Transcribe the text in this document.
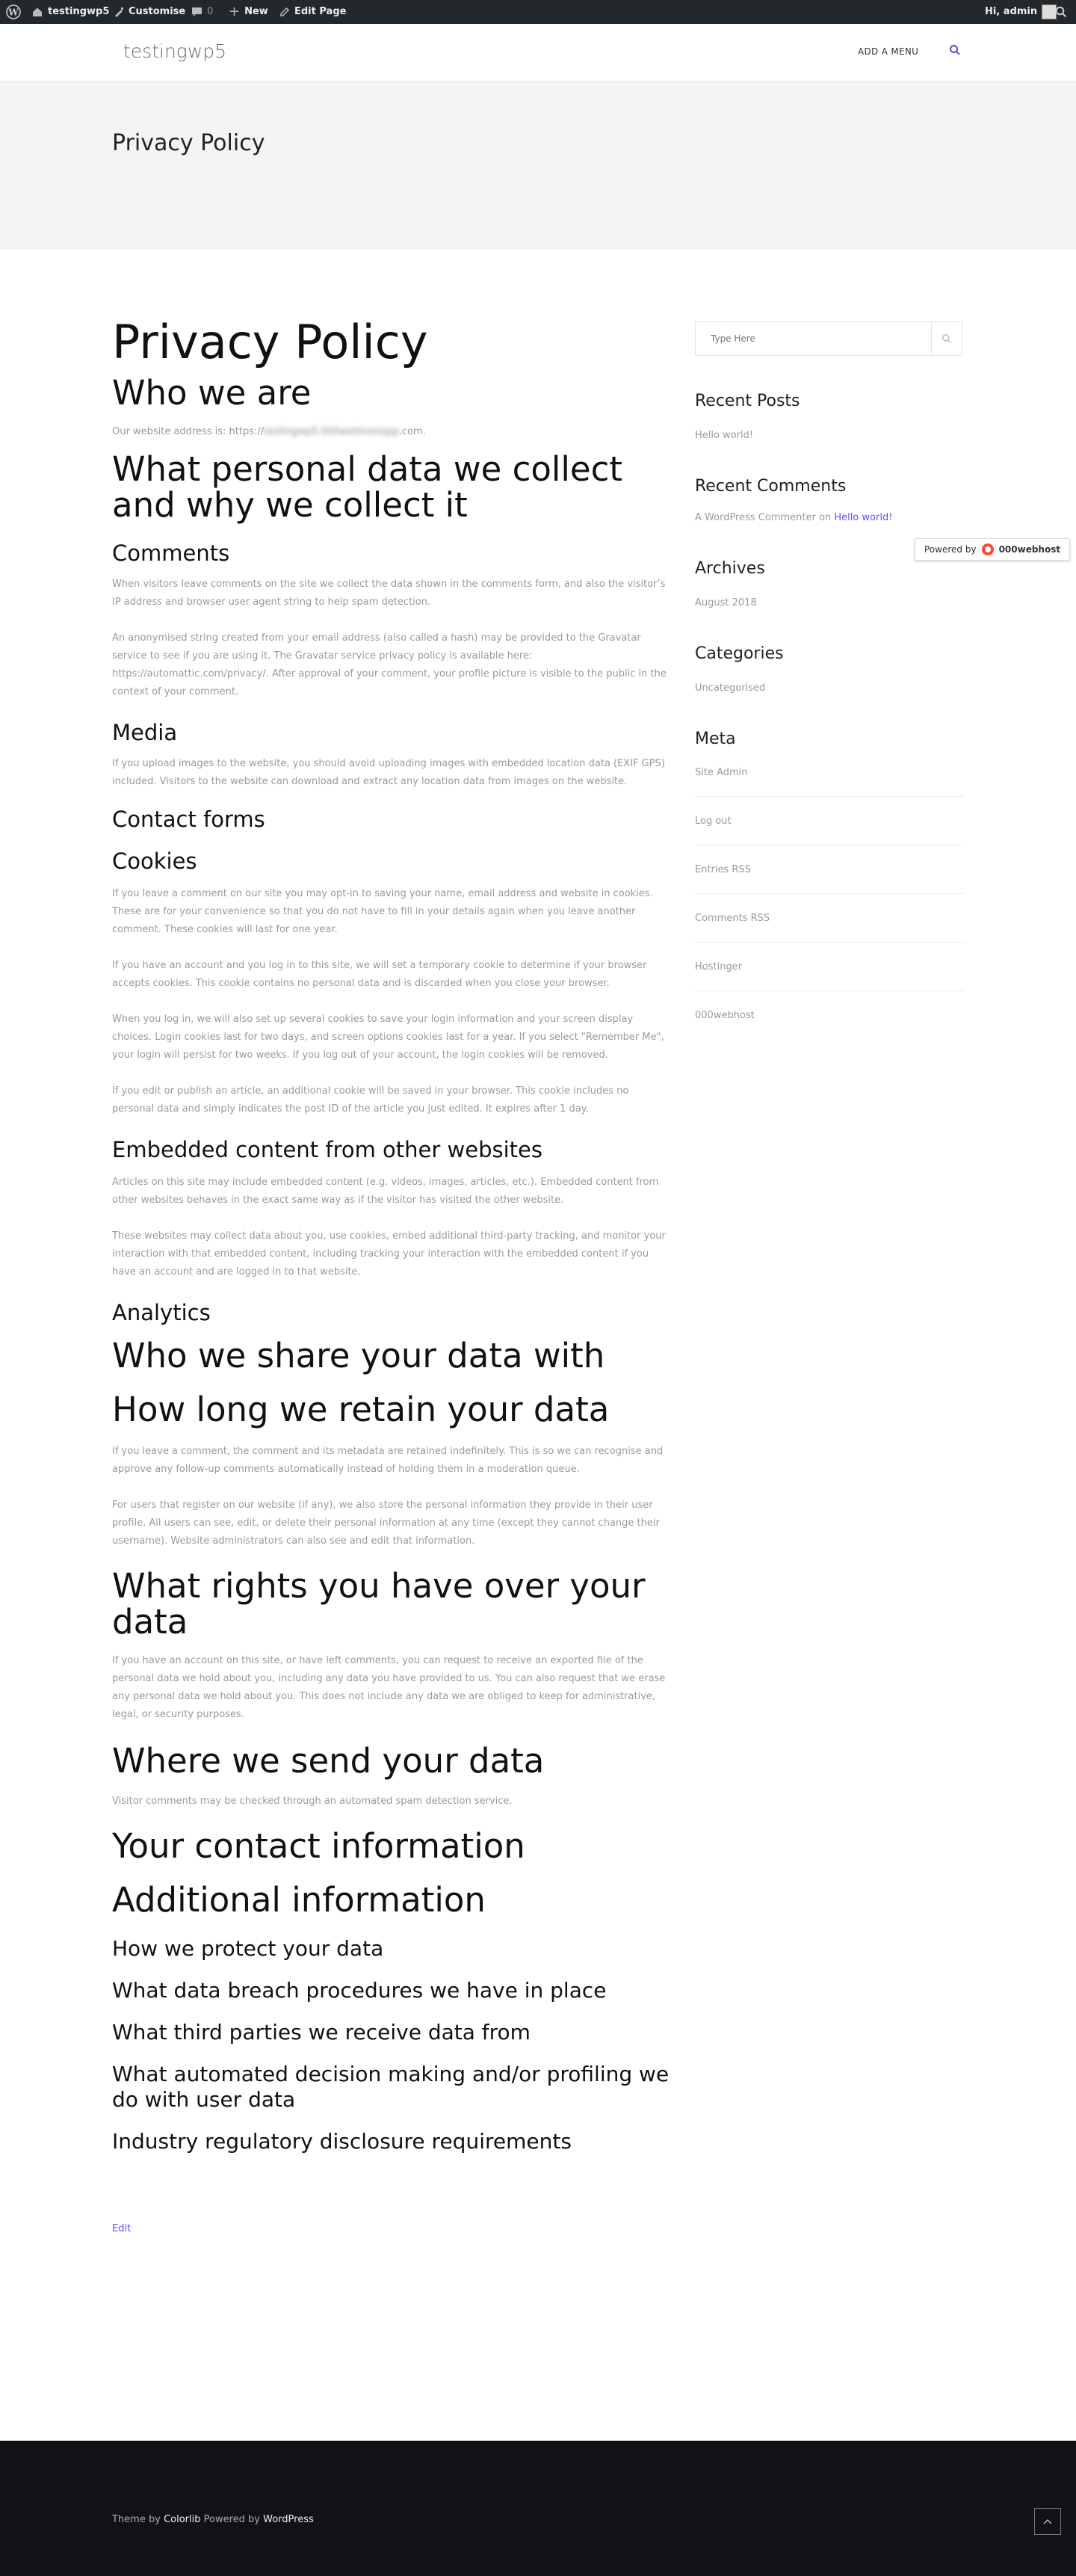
W	testingwp5 Customise 0 + New	Edit Page	Hi, admin
testingwp5	ADD A MENU
Privacy Policy
Privacy Policy
Who we are

Our website address is: https://testingwp5.000webhostapp.com.

What personal data we collect and why we collect it
Comments

When visitors leave comments on the site we collect the data shown in the comments form, and also the visitor’s IP address and browser user agent string to help spam detection.

An anonymised string created from your email address (also called a hash) may be provided to the Gravatar service to see if you are using it. The Gravatar service privacy policy is available here: https://automattic.com/privacy/. After approval of your comment, your profile picture is visible to the public in the context of your comment.

Media

If you upload images to the website, you should avoid uploading images with embedded location data (EXIF GPS) included. Visitors to the website can download and extract any location data from images on the website.

Contact forms
Cookies

If you leave a comment on our site you may opt-in to saving your name, email address and website in cookies. These are for your convenience so that you do not have to fill in your details again when you leave another comment. These cookies will last for one year.

If you have an account and you log in to this site, we will set a temporary cookie to determine if your browser accepts cookies. This cookie contains no personal data and is discarded when you close your browser.

When you log in, we will also set up several cookies to save your login information and your screen display choices. Login cookies last for two days, and screen options cookies last for a year. If you select "Remember Me", your login will persist for two weeks. If you log out of your account, the login cookies will be removed.

If you edit or publish an article, an additional cookie will be saved in your browser. This cookie includes no personal data and simply indicates the post ID of the article you just edited. It expires after 1 day.

Embedded content from other websites

Articles on this site may include embedded content (e.g. videos, images, articles, etc.). Embedded content from other websites behaves in the exact same way as if the visitor has visited the other website.

These websites may collect data about you, use cookies, embed additional third-party tracking, and monitor your interaction with that embedded content, including tracking your interaction with the embedded content if you have an account and are logged in to that website.

Analytics
Who we share your data with
How long we retain your data

If you leave a comment, the comment and its metadata are retained indefinitely. This is so we can recognise and approve any follow-up comments automatically instead of holding them in a moderation queue.

For users that register on our website (if any), we also store the personal information they provide in their user profile. All users can see, edit, or delete their personal information at any time (except they cannot change their username). Website administrators can also see and edit that information.

What rights you have over your data

If you have an account on this site, or have left comments, you can request to receive an exported file of the personal data we hold about you, including any data you have provided to us. You can also request that we erase any personal data we hold about you. This does not include any data we are obliged to keep for administrative, legal, or security purposes.

Where we send your data

Visitor comments may be checked through an automated spam detection service.

Your contact information
Additional information
How we protect your data
What data breach procedures we have in place
What third parties we receive data from
What automated decision making and/or profiling we do with user data
Industry regulatory disclosure requirements
Edit
Type Here
Recent Posts
Hello world!
Recent Comments
A WordPress Commenter on Hello world!
Archives
August 2018
Categories
Uncategorised
Meta
Site Admin
Log out
Entries RSS
Comments RSS
Hostinger
000webhost
Powered by	000webhost
Theme by Colorlib Powered by WordPress
